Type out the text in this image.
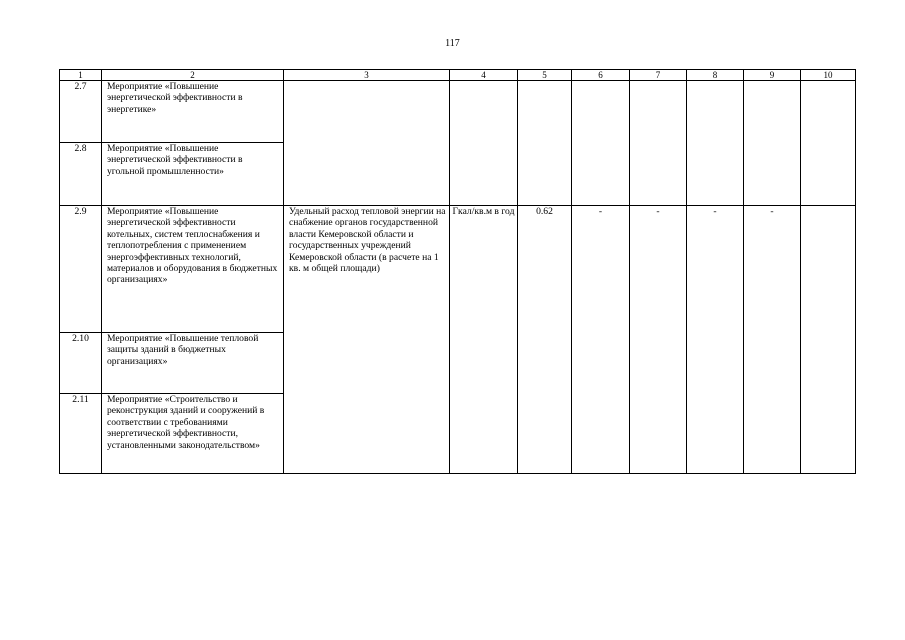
117
1	2	3	4	5	6	7	8	9	10
2.7	Мероприятие «Повышение энергетической эффективности в энергетике»								
2.8	Мероприятие «Повышение энергетической эффективности в угольной промышленности»								
2.9	Мероприятие «Повышение энергетической эффективности котельных, систем теплоснабжения и теплопотребления с применением энергоэффективных технологий, материалов и оборудования в бюджетных организациях»	Удельный расход тепловой энергии на снабжение органов государственной власти Кемеровской области и государственных учреждений Кемеровской области (в расчете на 1 кв. м общей площади)	Гкал/кв.м в год	0.62	-	-	-	-	
2.10	Мероприятие «Повышение тепловой защиты зданий в бюджетных организациях»								
2.11	Мероприятие «Строительство и реконструкция зданий и сооружений в соответствии с требованиями энергетической эффективности, установленными законодательством»								
